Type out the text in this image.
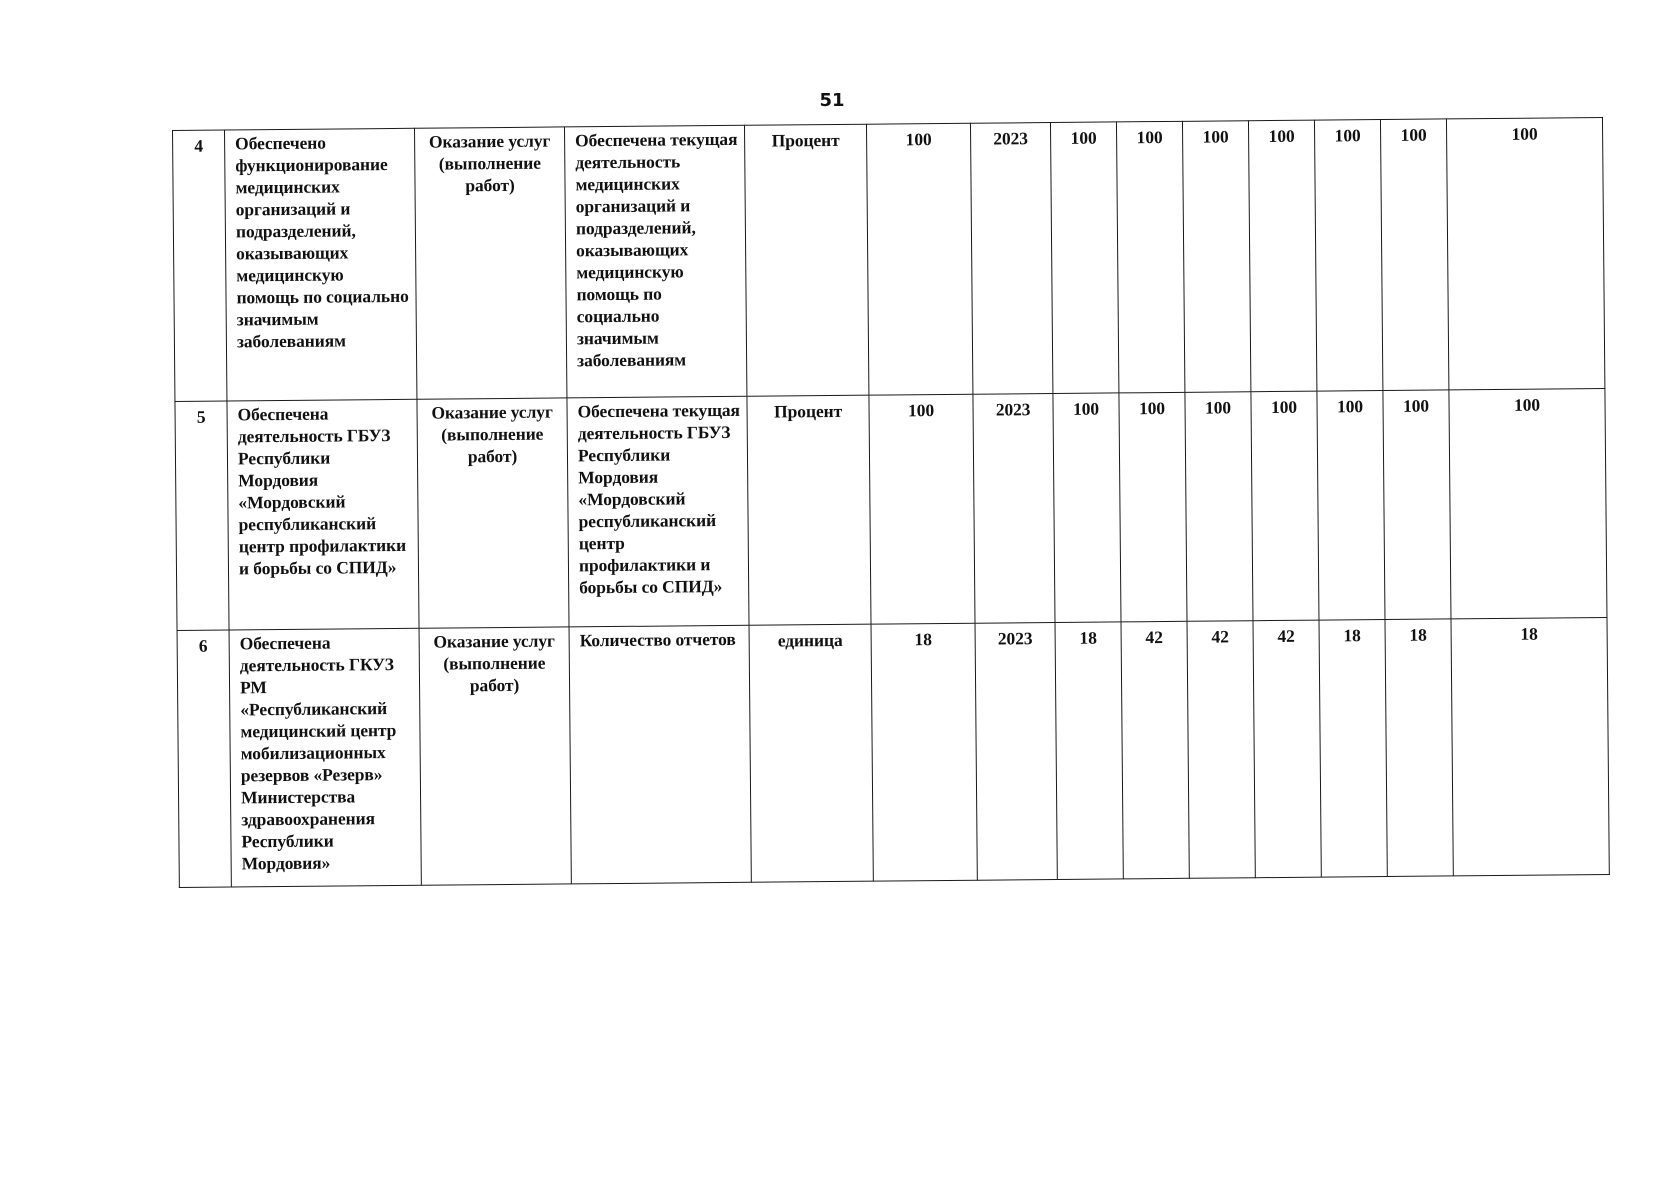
51
4	Обеспечено функционирование медицинских организаций и подразделений, оказывающих медицинскую помощь по социально значимым заболеваниям	Оказание услуг (выполнение работ)	Обеспечена текущая деятельность медицинских организаций и подразделений, оказывающих медицинскую помощь по социально значимым заболеваниям	Процент	100	2023	100	100	100	100	100	100	100
5	Обеспечена деятельность ГБУЗ Республики Мордовия «Мордовский республиканский центр профилактики и борьбы со СПИД»	Оказание услуг (выполнение работ)	Обеспечена текущая деятельность ГБУЗ Республики Мордовия «Мордовский республиканский центр профилактики и борьбы со СПИД»	Процент	100	2023	100	100	100	100	100	100	100
6	Обеспечена деятельность ГКУЗ РМ «Республиканский медицинский центр мобилизационных резервов «Резерв» Министерства здравоохранения Республики Мордовия»	Оказание услуг (выполнение работ)	Количество отчетов	единица	18	2023	18	42	42	42	18	18	18
